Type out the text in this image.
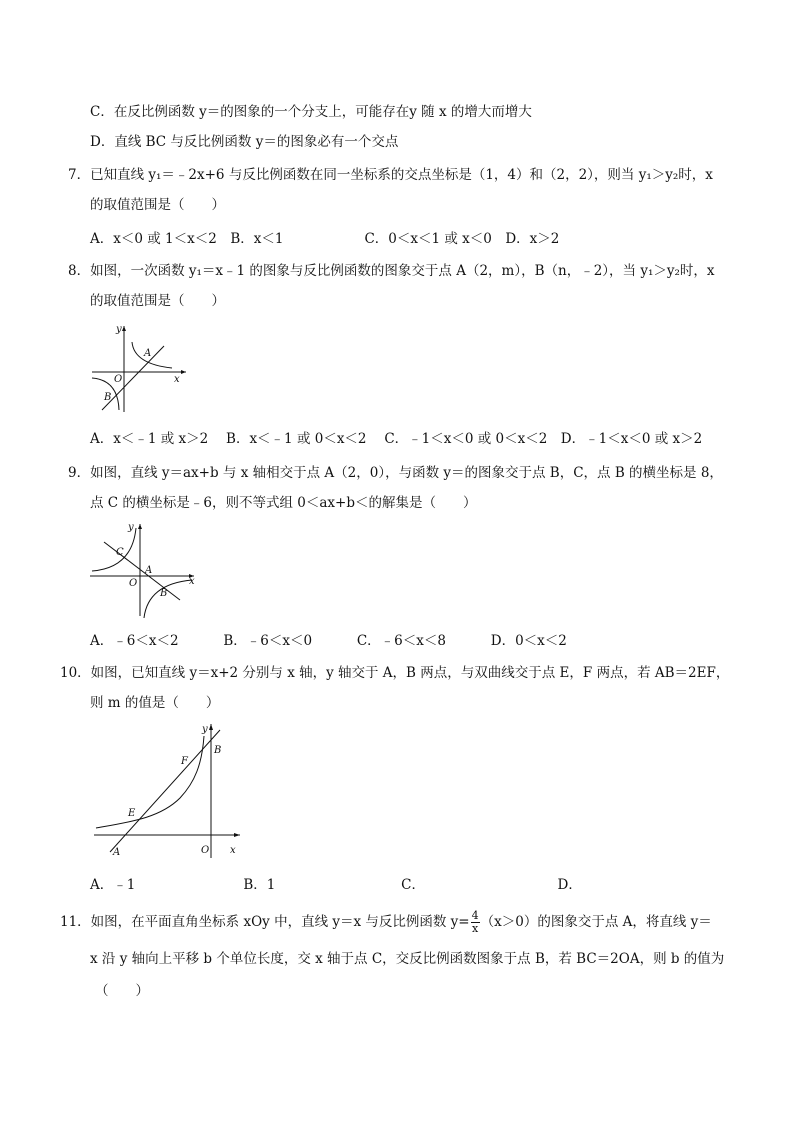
C．在反比例函数 y＝的图象的一个分支上，可能存在y 随 x 的增大而增大
D．直线 BC 与反比例函数 y＝的图象必有一个交点
7．已知直线 y₁＝﹣2x+6 与反比例函数在同一坐标系的交点坐标是（1，4）和（2，2），则当 y₁＞y₂时，x
的取值范围是（　　）
A．x＜0 或 1＜x＜2　B．x＜1　　　　　　C．0＜x＜1 或 x＜0　D．x＞2
8．如图，一次函数 y₁＝x﹣1 的图象与反比例函数的图象交于点 A（2，m），B（n，﹣2），当 y₁＞y₂时，x
的取值范围是（　　）
y
x
O
A
B
A．x＜﹣1 或 x＞2　 B．x＜﹣1 或 0＜x＜2　 C．﹣1＜x＜0 或 0＜x＜2　D．﹣1＜x＜0 或 x＞2
9．如图，直线 y＝ax+b 与 x 轴相交于点 A（2，0），与函数 y＝的图象交于点 B，C，点 B 的横坐标是 8，
点 C 的横坐标是﹣6，则不等式组 0＜ax+b＜的解集是（　　）
y
x
O
A
B
C
A．﹣6＜x＜2　　　 B．﹣6＜x＜0　　　 C．﹣6＜x＜8　　　 D．0＜x＜2
10．如图，已知直线 y＝x+2 分别与 x 轴，y 轴交于 A，B 两点，与双曲线交于点 E，F 两点，若 AB＝2EF，
则 m 的值是（　　）
y
x
O
A
B
E
F
A．﹣1　　　　　　　　B．1　　　　　　　　　 C．　　　　　　　　　　 D．
11．如图，在平面直角坐标系 xOy 中，直线 y＝x 与反比例函数 $y= \frac{4}{x} (x>0)$的图象交于点 A，将直线 y＝
x 沿 y 轴向上平移 b 个单位长度，交 x 轴于点 C，交反比例函数图象于点 B，若 BC＝2OA，则 b 的值为
（　　）
